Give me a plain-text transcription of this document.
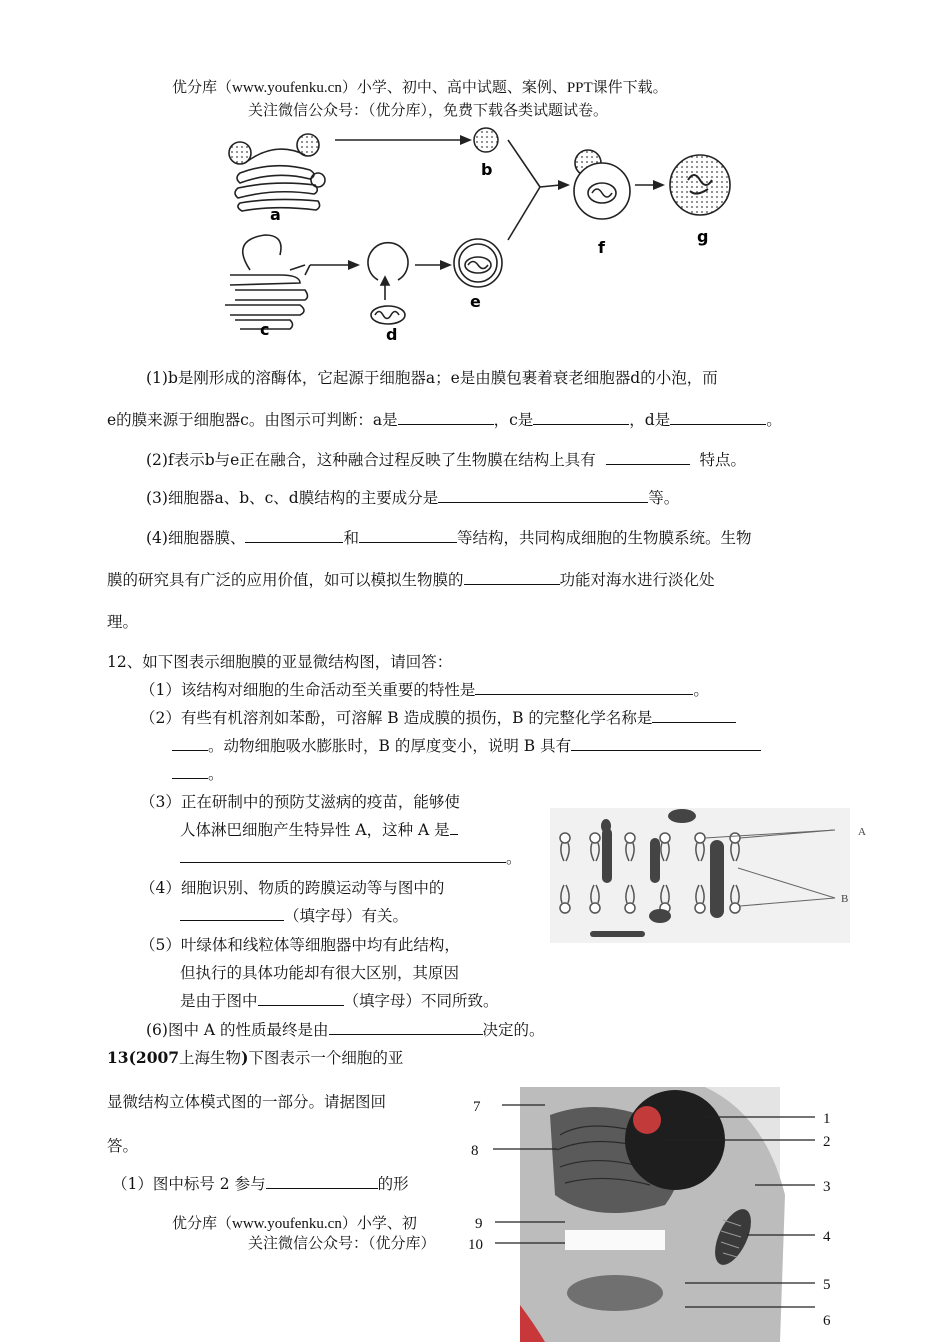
优分库（www.youfenku.cn）小学、初中、高中试题、案例、PPT课件下载。
关注微信公众号：（优分库），免费下载各类试题试卷。
a
b
f
g
c	d
e
(1)b是刚形成的溶酶体，它起源于细胞器a；e是由膜包裹着衰老细胞器d的小泡，而
e的膜来源于细胞器c。由图示可判断：a是	，c是	，d是	。
(2)f表示b与e正在融合，这种融合过程反映了生物膜在结构上具有	特点。
(3)细胞器a、b、c、d膜结构的主要成分是	等。
(4)细胞器膜、	和	等结构，共同构成细胞的生物膜系统。生物
膜的研究具有广泛的应用价值，如可以模拟生物膜的	功能对海水进行淡化处
理。
12、如下图表示细胞膜的亚显微结构图，请回答：
（1）该结构对细胞的生命活动至关重要的特性是	。
（2）有些有机溶剂如苯酚，可溶解 B 造成膜的损伤，B 的完整化学名称是
。动物细胞吸水膨胀时，B 的厚度变小，说明 B 具有
。
（3）正在研制中的预防艾滋病的疫苗，能够使
人体淋巴细胞产生特异性 A，这种 A 是
。
（4）细胞识别、物质的跨膜运动等与图中的
（填字母）有关。
（5）叶绿体和线粒体等细胞器中均有此结构，
但执行的具体功能却有很大区别，其原因
是由于图中	（填字母）不同所致。
(6)图中 A 的性质最终是由	决定的。
A
B
13(2007上海生物)下图表示一个细胞的亚
显微结构立体模式图的一部分。请据图回
答。
（1）图中标号 2 参与	的形
1
2
3
4
5
6
7
8
9
10
优分库（www.youfenku.cn）小学、初
关注微信公众号：（优分库）
